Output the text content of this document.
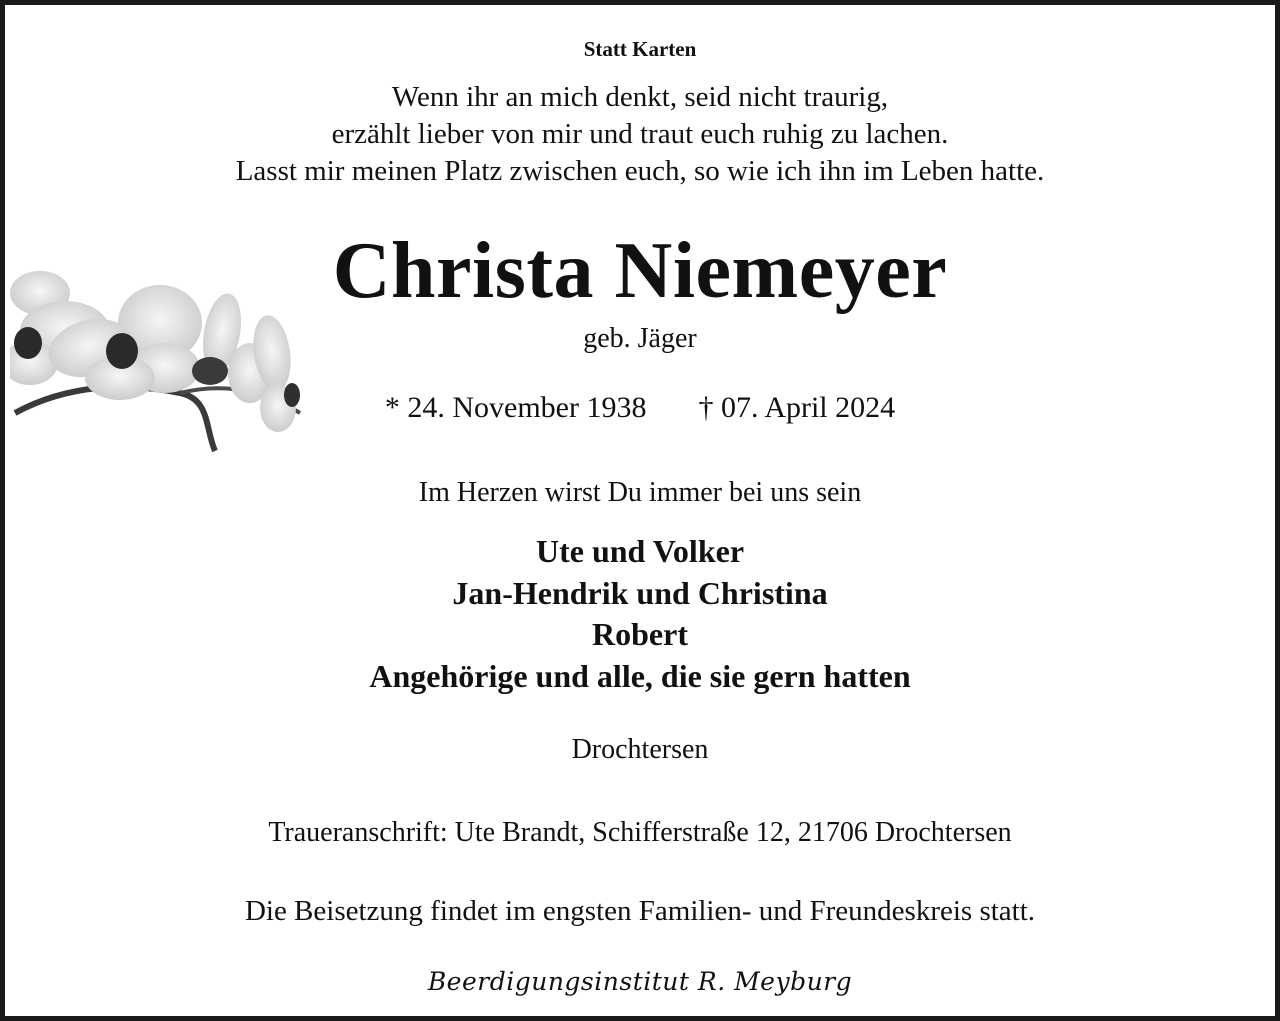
Statt Karten

Wenn ihr an mich denkt, seid nicht traurig,
erzählt lieber von mir und traut euch ruhig zu lachen.
Lasst mir meinen Platz zwischen euch, so wie ich ihn im Leben hatte.
Christa Niemeyer

geb. Jäger

* 24. November 1938 † 07. April 2024

Im Herzen wirst Du immer bei uns sein

Ute und Volker
Jan-Hendrik und Christina
Robert
Angehörige und alle, die sie gern hatten

Drochtersen

Traueranschrift: Ute Brandt, Schifferstraße 12, 21706 Drochtersen

Die Beisetzung findet im engsten Familien- und Freundeskreis statt.

Beerdigungsinstitut R. Meyburg
